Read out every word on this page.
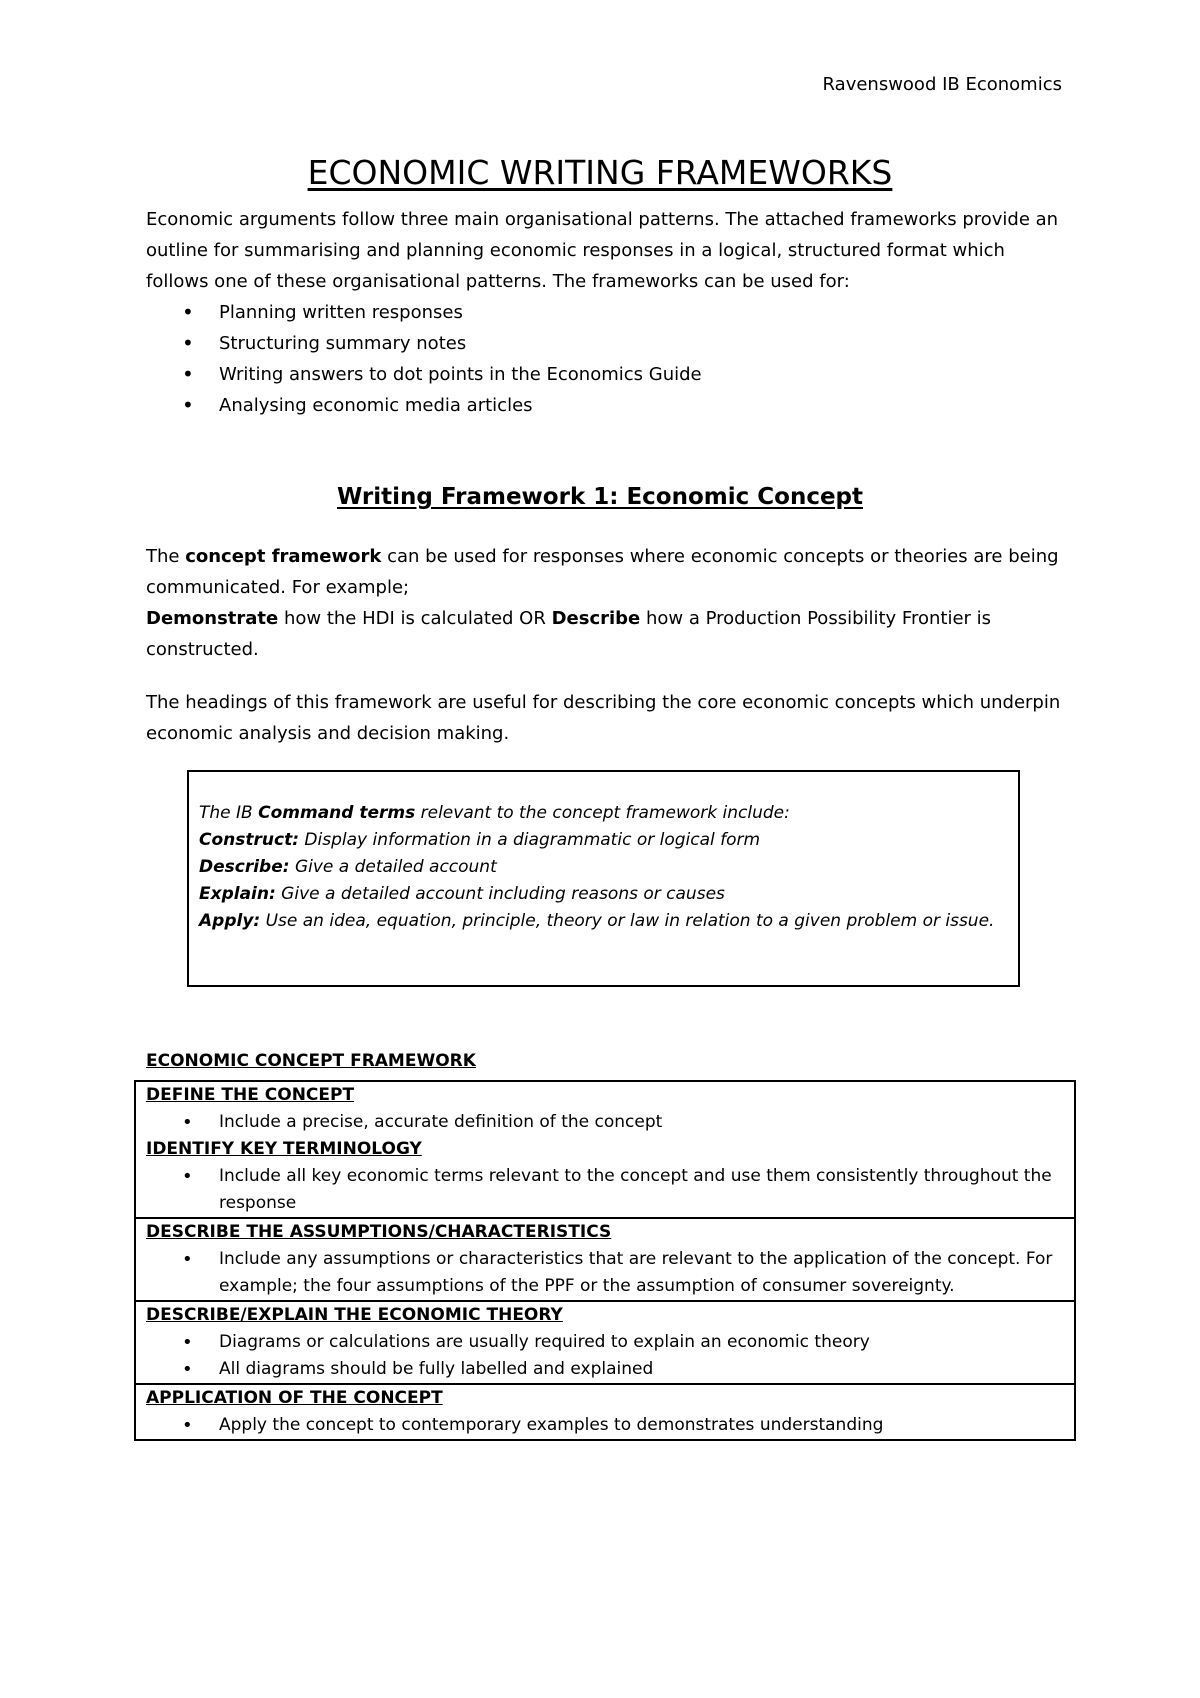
Ravenswood IB Economics
ECONOMIC WRITING FRAMEWORKS

Economic arguments follow three main organisational patterns. The attached frameworks provide an outline for summarising and planning economic responses in a logical, structured format which follows one of these organisational patterns. The frameworks can be used for:

• Planning written responses
• Structuring summary notes
• Writing answers to dot points in the Economics Guide
• Analysing economic media articles
Writing Framework 1: Economic Concept

The concept framework can be used for responses where economic concepts or theories are being communicated. For example;

Demonstrate how the HDI is calculated OR Describe how a Production Possibility Frontier is constructed.

The headings of this framework are useful for describing the core economic concepts which underpin economic analysis and decision making.

The IB Command terms relevant to the concept framework include:
Construct: Display information in a diagrammatic or logical form
Describe: Give a detailed account
Explain: Give a detailed account including reasons or causes
Apply: Use an idea, equation, principle, theory or law in relation to a given problem or issue.
ECONOMIC CONCEPT FRAMEWORK
DEFINE THE CONCEPT
• Include a precise, accurate definition of the concept
IDENTIFY KEY TERMINOLOGY
• Include all key economic terms relevant to the concept and use them consistently throughout the response
DESCRIBE THE ASSUMPTIONS/CHARACTERISTICS
• Include any assumptions or characteristics that are relevant to the application of the concept. For example; the four assumptions of the PPF or the assumption of consumer sovereignty.
DESCRIBE/EXPLAIN THE ECONOMIC THEORY
• Diagrams or calculations are usually required to explain an economic theory
• All diagrams should be fully labelled and explained
APPLICATION OF THE CONCEPT
• Apply the concept to contemporary examples to demonstrates understanding
